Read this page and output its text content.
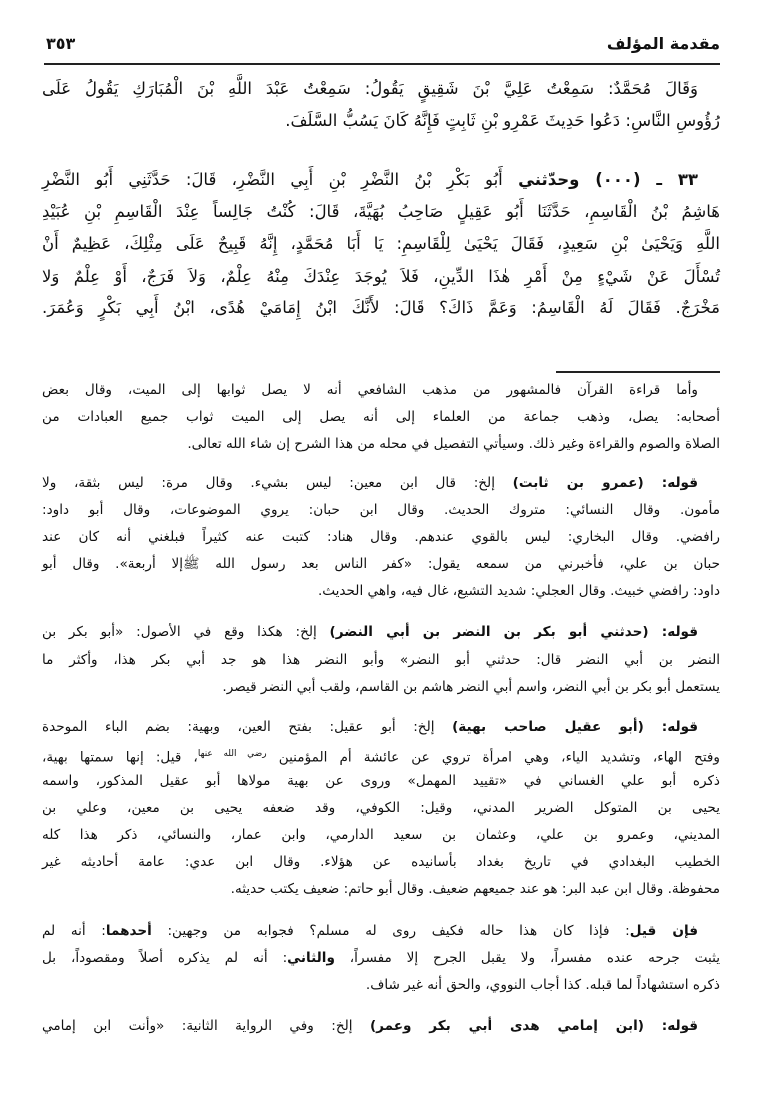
٣٥٣	مقدمة المؤلف
وَقَالَ مُحَمَّدٌ: سَمِعْتُ عَلِيَّ بْنَ شَقِيقٍ يَقُولُ: سَمِعْتُ عَبْدَ اللَّهِ بْنَ الْمُبَارَكِ يَقُولُ عَلَى
رُؤُوسِ النَّاسِ: دَعُوا حَدِيثَ عَمْرِو بْنِ ثَابِتٍ فَإِنَّهُ كَانَ يَسُبُّ السَّلَفَ.
٣٣ ـ (٠٠٠) وحدّثني أَبُو بَكْرِ بْنُ النَّضْرِ بْنِ أَبِي النَّضْرِ، قَالَ: حَدَّثَنِي أَبُو النَّضْرِ
هَاشِمُ بْنُ الْقَاسِمِ، حَدَّثَنَا أَبُو عَقِيلٍ صَاحِبُ بُهَيَّةَ، قَالَ: كُنْتُ جَالِساً عِنْدَ الْقَاسِمِ بْنِ عُبَيْدِ
اللَّهِ وَيَحْيَىٰ بْنِ سَعِيدٍ، فَقَالَ يَحْيَىٰ لِلْقَاسِمِ: يَا أَبَا مُحَمَّدٍ، إِنَّهُ قَبِيحٌ عَلَى مِثْلِكَ، عَظِيمٌ أَنْ
تُسْأَلَ عَنْ شَيْءٍ مِنْ أَمْرِ هٰذَا الدِّينِ، فَلاَ يُوجَدَ عِنْدَكَ مِنْهُ عِلْمٌ، وَلاَ فَرَجٌ، أَوْ عِلْمٌ وَلا
مَخْرَجٌ. فَقَالَ لَهُ الْقَاسِمُ: وَعَمَّ ذَاكَ؟ قَالَ: لأَنَّكَ ابْنُ إِمَامَيْ هُدًى، ابْنُ أَبِي بَكْرٍ وَعُمَرَ.
وأما قراءة القرآن فالمشهور من مذهب الشافعي أنه لا يصل ثوابها إلى الميت، وقال بعض
أصحابه: يصل، وذهب جماعة من العلماء إلى أنه يصل إلى الميت ثواب جميع العبادات من
الصلاة والصوم والقراءة وغير ذلك. وسيأتي التفصيل في محله من هذا الشرح إن شاء الله تعالى.
قوله: (عمرو بن ثابت) إلخ: قال ابن معين: ليس بشيء. وقال مرة: ليس بثقة، ولا
مأمون. وقال النسائي: متروك الحديث. وقال ابن حبان: يروي الموضوعات، وقال أبو داود:
رافضي. وقال البخاري: ليس بالقوي عندهم. وقال هناد: كتبت عنه كثيراً فبلغني أنه كان عند
حبان بن علي، فأخبرني من سمعه يقول: «كفر الناس بعد رسول الله ﷺإلا أربعة». وقال أبو
داود: رافضي خبيث. وقال العجلي: شديد التشيع، غال فيه، واهي الحديث.
قوله: (حدثني أبو بكر بن النضر بن أبي النضر) إلخ: هكذا وقع في الأصول: «أبو بكر بن
النضر بن أبي النضر قال: حدثني أبو النضر» وأبو النضر هذا هو جد أبي بكر هذا، وأكثر ما
يستعمل أبو بكر بن أبي النضر، واسم أبي النضر هاشم بن القاسم، ولقب أبي النضر قيصر.
قوله: (أبو عقيل صاحب بهية) إلخ: أبو عقيل: بفتح العين، وبهية: بضم الباء الموحدة
وفتح الهاء، وتشديد الياء، وهي امرأة تروي عن عائشة أم المؤمنين $^{رضي الله عنها}$، قيل: إنها سمتها بهية،
ذكره أبو علي الغساني في «تقييد المهمل» وروى عن بهية مولاها أبو عقيل المذكور، واسمه
يحيى بن المتوكل الضرير المدني، وقيل: الكوفي، وقد ضعفه يحيى بن معين، وعلي بن
المديني، وعمرو بن علي، وعثمان بن سعيد الدارمي، وابن عمار، والنسائي، ذكر هذا كله
الخطيب البغدادي في تاريخ بغداد بأسانيده عن هؤلاء. وقال ابن عدي: عامة أحاديثه غير
محفوظة. وقال ابن عبد البر: هو عند جميعهم ضعيف. وقال أبو حاتم: ضعيف يكتب حديثه.
فإن قيل: فإذا كان هذا حاله فكيف روى له مسلم؟ فجوابه من وجهين: أحدهما: أنه لم
يثبت جرحه عنده مفسراً، ولا يقبل الجرح إلا مفسراً، والثاني: أنه لم يذكره أصلاً ومقصوداً، بل
ذكره استشهاداً لما قبله. كذا أجاب النووي، والحق أنه غير شاف.
قوله: (ابن إمامي هدى أبي بكر وعمر) إلخ: وفي الرواية الثانية: «وأنت ابن إمامي
